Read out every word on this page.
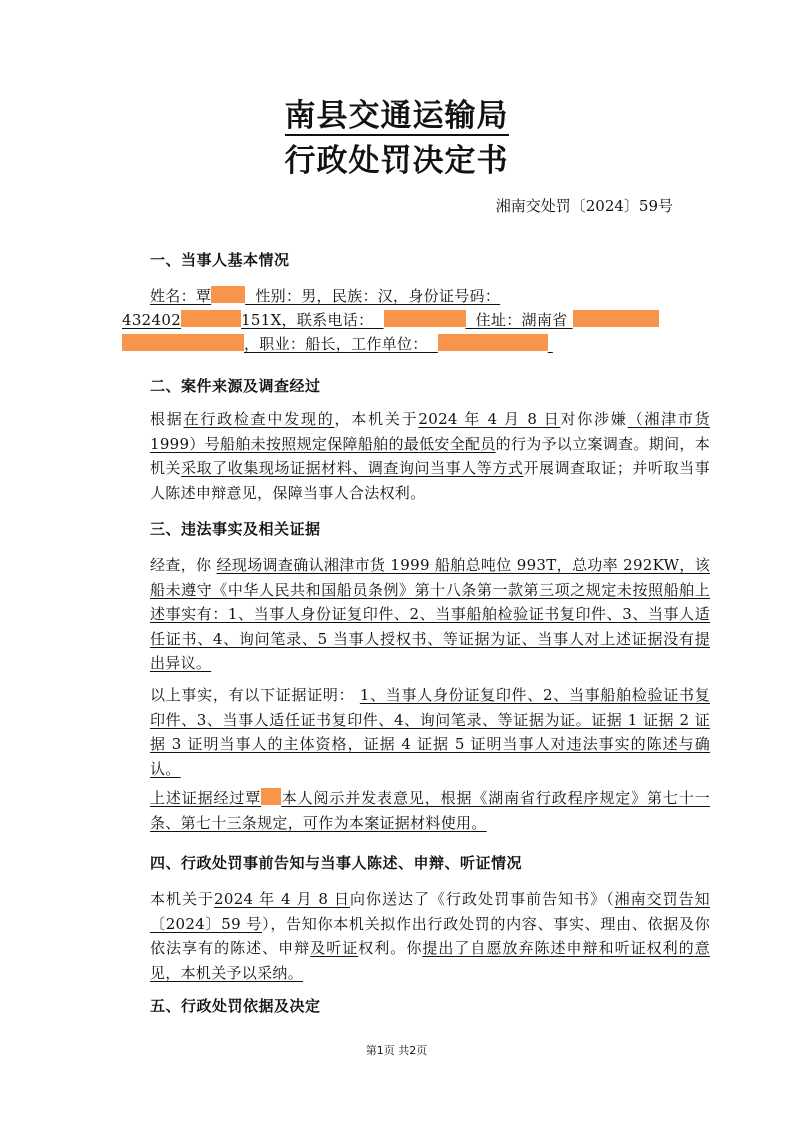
南县交通运输局
行政处罚决定书
湘南交处罚〔2024〕59号
一、当事人基本情况
姓名：覃	性别：男，民族：汉，身份证号码：
432402	151X，联系电话：	住址：湖南省
，职业：船长，工作单位：
二、案件来源及调查经过
根据在行政检查中发现的，本机关于2024 年 4 月 8 日对你涉嫌（湘津市货 1999）号船舶未按照规定保障船舶的最低安全配员的行为予以立案调查。期间，本机关采取了收集现场证据材料、调查询问当事人等方式开展调查取证；并听取当事人陈述申辩意见，保障当事人合法权利。
三、违法事实及相关证据
经查，你 经现场调查确认湘津市货 1999 船舶总吨位 993T，总功率 292KW，该船未遵守《中华人民共和国船员条例》第十八条第一款第三项之规定未按照船舶上述事实有：1、当事人身份证复印件、2、当事船舶检验证书复印件、3、当事人适任证书、4、询问笔录、5 当事人授权书、等证据为证、当事人对上述证据没有提出异议。
以上事实，有以下证据证明： 1、当事人身份证复印件、2、当事船舶检验证书复印件、3、当事人适任证书复印件、4、询问笔录、等证据为证。证据 1 证据 2 证据 3 证明当事人的主体资格，证据 4 证据 5 证明当事人对违法事实的陈述与确认。
上述证据经过覃 本人阅示并发表意见，根据《湖南省行政程序规定》第七十一条、第七十三条规定，可作为本案证据材料使用。
四、行政处罚事前告知与当事人陈述、申辩、听证情况
本机关于2024 年 4 月 8 日向你送达了《行政处罚事前告知书》（湘南交罚告知〔2024〕59 号），告知你本机关拟作出行政处罚的内容、事实、理由、依据及你依法享有的陈述、申辩及听证权利。你提出了自愿放弃陈述申辩和听证权利的意见，本机关予以采纳。
五、行政处罚依据及决定
第1页 共2页
